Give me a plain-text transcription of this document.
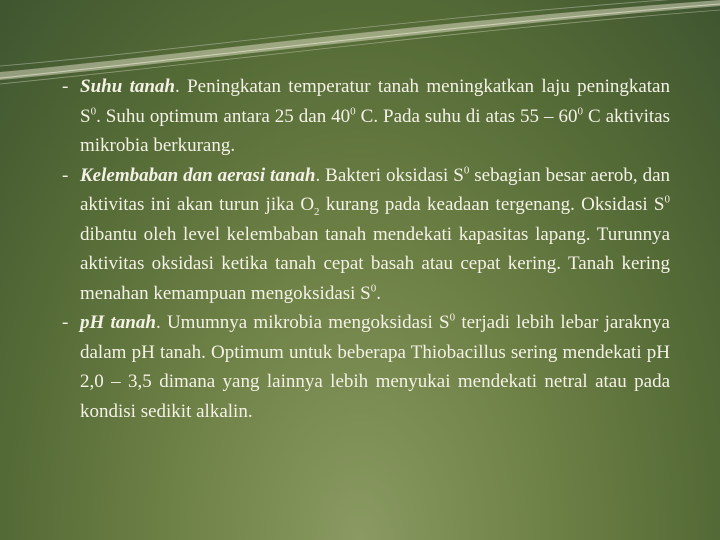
- Suhu tanah. Peningkatan temperatur tanah meningkatkan laju peningkatan $S^0$. Suhu optimum antara 25 dan $40^0$ C. Pada suhu di atas $55 - 60^0$ C aktivitas mikrobia berkurang.

- Kelembaban dan aerasi tanah. Bakteri oksidasi $S^0$ sebagian besar aerob, dan aktivitas ini akan turun jika $O_2$ kurang pada keadaan tergenang. Oksidasi $S^0$ dibantu oleh level kelembaban tanah mendekati kapasitas lapang. Turunnya aktivitas oksidasi ketika tanah cepat basah atau cepat kering. Tanah kering menahan kemampuan mengoksidasi $S^0$.

- pH tanah. Umumnya mikrobia mengoksidasi $S^0$ terjadi lebih lebar jaraknya dalam pH tanah. Optimum untuk beberapa Thiobacillus sering mendekati pH 2,0 – 3,5 dimana yang lainnya lebih menyukai mendekati netral atau pada kondisi sedikit alkalin.
